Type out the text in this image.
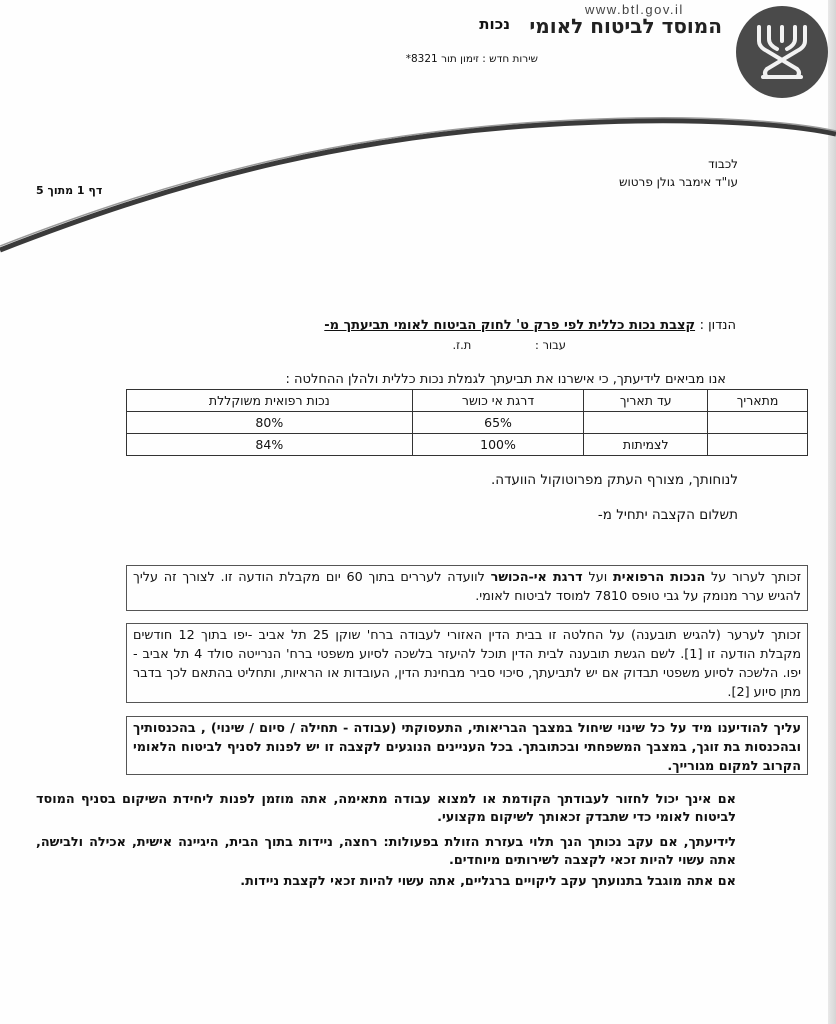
www.btl.gov.il
המוסד לביטוח לאומי
נכות
שירות חדש : זימון תור 8321*
לכבוד
עו"ד אימבר גולן פרטוש
דף 1 מתוך 5
הנדון : קצבת נכות כללית לפי פרק ט' לחוק הביטוח לאומי תביעתך מ-
עבור : ת.ז.
אנו מביאים לידיעתך, כי אישרנו את תביעתך לגמלת נכות כללית ולהלן ההחלטה :
מתאריך	עד תאריך	דרגת אי כושר	נכות רפואית משוקללת
		65%	80%
	לצמיתות	100%	84%
לנוחותך, מצורף העתק מפרוטוקול הוועדה.
תשלום הקצבה יתחיל מ-
זכותך לערור על הנכות הרפואית ועל דרגת אי-הכושר לוועדה לעררים בתוך 60 יום מקבלת הודעה זו. לצורך זה עליך להגיש ערר מנומק על גבי טופס 7810 למוסד לביטוח לאומי.
זכותך לערער (להגיש תובענה) על החלטה זו בבית הדין האזורי לעבודה ברח' שוקן 25 תל אביב -יפו בתוך 12 חודשים מקבלת הודעה זו [1]. לשם הגשת תובענה לבית הדין תוכל להיעזר בלשכה לסיוע משפטי ברח' הנרייטה סולד 4 תל אביב -יפו. הלשכה לסיוע משפטי תבדוק אם יש לתביעתך, סיכוי סביר מבחינת הדין, העובדות או הראיות, ותחליט בהתאם לכך בדבר מתן סיוע [2].
עליך להודיענו מיד על כל שינוי שיחול במצבך הבריאותי, התעסוקתי (עבודה - תחילה / סיום / שינוי) , בהכנסותיך ובהכנסות בת זוגך, במצבך המשפחתי ובכתובתך. בכל העניינים הנוגעים לקצבה זו יש לפנות לסניף לביטוח הלאומי הקרוב למקום מגורייך.
אם אינך יכול לחזור לעבודתך הקודמת או למצוא עבודה מתאימה, אתה מוזמן לפנות ליחידת השיקום בסניף המוסד לביטוח לאומי כדי שתבדק זכאותך לשיקום מקצועי.
לידיעתך, אם עקב נכותך הנך תלוי בעזרת הזולת בפעולות: רחצה, ניידות בתוך הבית, היגיינה אישית, אכילה ולבישה, אתה עשוי להיות זכאי לקצבה לשירותים מיוחדים.
אם אתה מוגבל בתנועתך עקב ליקויים ברגליים, אתה עשוי להיות זכאי לקצבת ניידות.
